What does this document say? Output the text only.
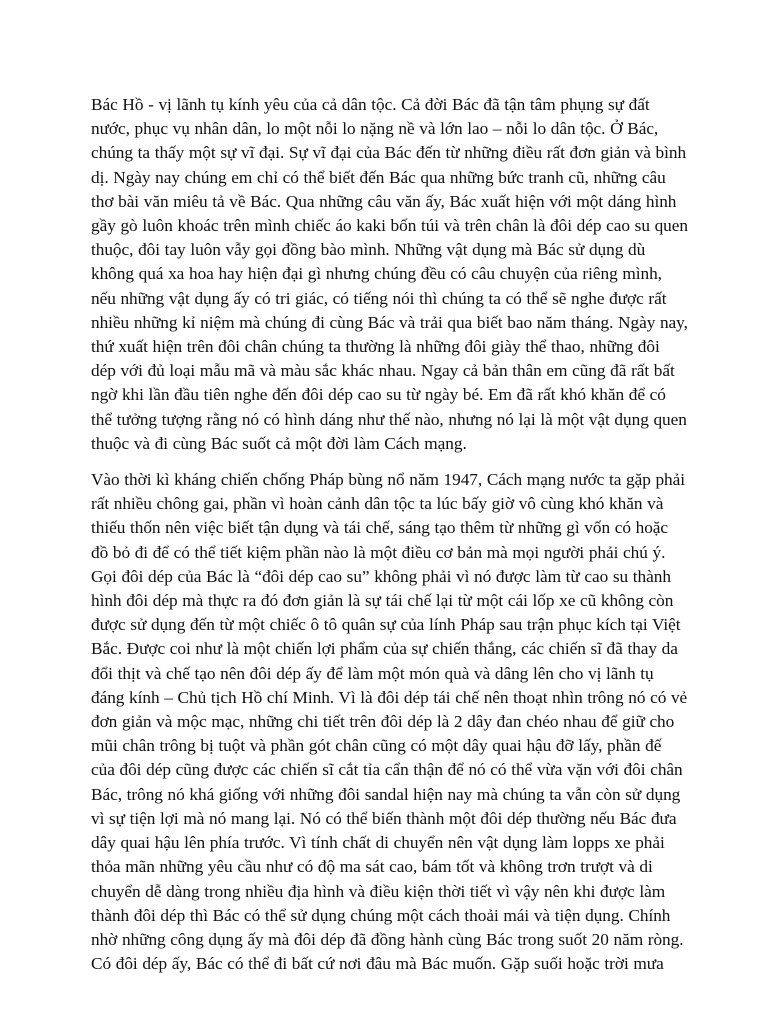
Bác Hồ - vị lãnh tụ kính yêu của cả dân tộc. Cả đời Bác đã tận tâm phụng sự đất nước, phục vụ nhân dân, lo một nỗi lo nặng nề và lớn lao – nỗi lo dân tộc. Ở Bác, chúng ta thấy một sự vĩ đại. Sự vĩ đại của Bác đến từ những điều rất đơn giản và bình dị. Ngày nay chúng em chỉ có thể biết đến Bác qua những bức tranh cũ, những câu thơ bài văn miêu tả về Bác. Qua những câu văn ấy, Bác xuất hiện với một dáng hình gầy gò luôn khoác trên mình chiếc áo kaki bốn túi và trên chân là đôi dép cao su quen thuộc, đôi tay luôn vẫy gọi đồng bào mình. Những vật dụng mà Bác sử dụng dù không quá xa hoa hay hiện đại gì nhưng chúng đều có câu chuyện của riêng mình, nếu những vật dụng ấy có tri giác, có tiếng nói thì chúng ta có thể sẽ nghe được rất nhiều những kỉ niệm mà chúng đi cùng Bác và trải qua biết bao năm tháng. Ngày nay, thứ xuất hiện trên đôi chân chúng ta thường là những đôi giày thể thao, những đôi dép với đủ loại mẫu mã và màu sắc khác nhau. Ngay cả bản thân em cũng đã rất bất ngờ khi lần đầu tiên nghe đến đôi dép cao su từ ngày bé. Em đã rất khó khăn để có thể tưởng tượng rằng nó có hình dáng như thế nào, nhưng nó lại là một vật dụng quen thuộc và đi cùng Bác suốt cả một đời làm Cách mạng.

Vào thời kì kháng chiến chống Pháp bùng nổ năm 1947, Cách mạng nước ta gặp phải rất nhiều chông gai, phần vì hoàn cảnh dân tộc ta lúc bấy giờ vô cùng khó khăn và thiếu thốn nên việc biết tận dụng và tái chế, sáng tạo thêm từ những gì vốn có hoặc đồ bỏ đi để có thể tiết kiệm phần nào là một điều cơ bản mà mọi người phải chú ý. Gọi đôi dép của Bác là “đôi dép cao su” không phải vì nó được làm từ cao su thành hình đôi dép mà thực ra đó đơn giản là sự tái chế lại từ một cái lốp xe cũ không còn được sử dụng đến từ một chiếc ô tô quân sự của lính Pháp sau trận phục kích tại Việt Bắc. Được coi như là một chiến lợi phẩm của sự chiến thắng, các chiến sĩ đã thay da đổi thịt và chế tạo nên đôi dép ấy để làm một món quà và dâng lên cho vị lãnh tụ đáng kính – Chủ tịch Hồ chí Minh. Vì là đôi dép tái chế nên thoạt nhìn trông nó có vẻ đơn giản và mộc mạc, những chi tiết trên đôi dép là 2 dây đan chéo nhau để giữ cho mũi chân trông bị tuột và phần gót chân cũng có một dây quai hậu đỡ lấy, phần đế của đôi dép cũng được các chiến sĩ cắt tỉa cẩn thận để nó có thể vừa vặn với đôi chân Bác, trông nó khá giống với những đôi sandal hiện nay mà chúng ta vẫn còn sử dụng vì sự tiện lợi mà nó mang lại. Nó có thể biến thành một đôi dép thường nếu Bác đưa dây quai hậu lên phía trước. Vì tính chất di chuyển nên vật dụng làm lopps xe phải thỏa mãn những yêu cầu như có độ ma sát cao, bám tốt và không trơn trượt và di chuyển dễ dàng trong nhiều địa hình và điều kiện thời tiết vì vậy nên khi được làm thành đôi dép thì Bác có thể sử dụng chúng một cách thoải mái và tiện dụng. Chính nhờ những công dụng ấy mà đôi dép đã đồng hành cùng Bác trong suốt 20 năm ròng. Có đôi dép ấy, Bác có thể đi bất cứ nơi đâu mà Bác muốn. Gặp suối hoặc trời mưa
